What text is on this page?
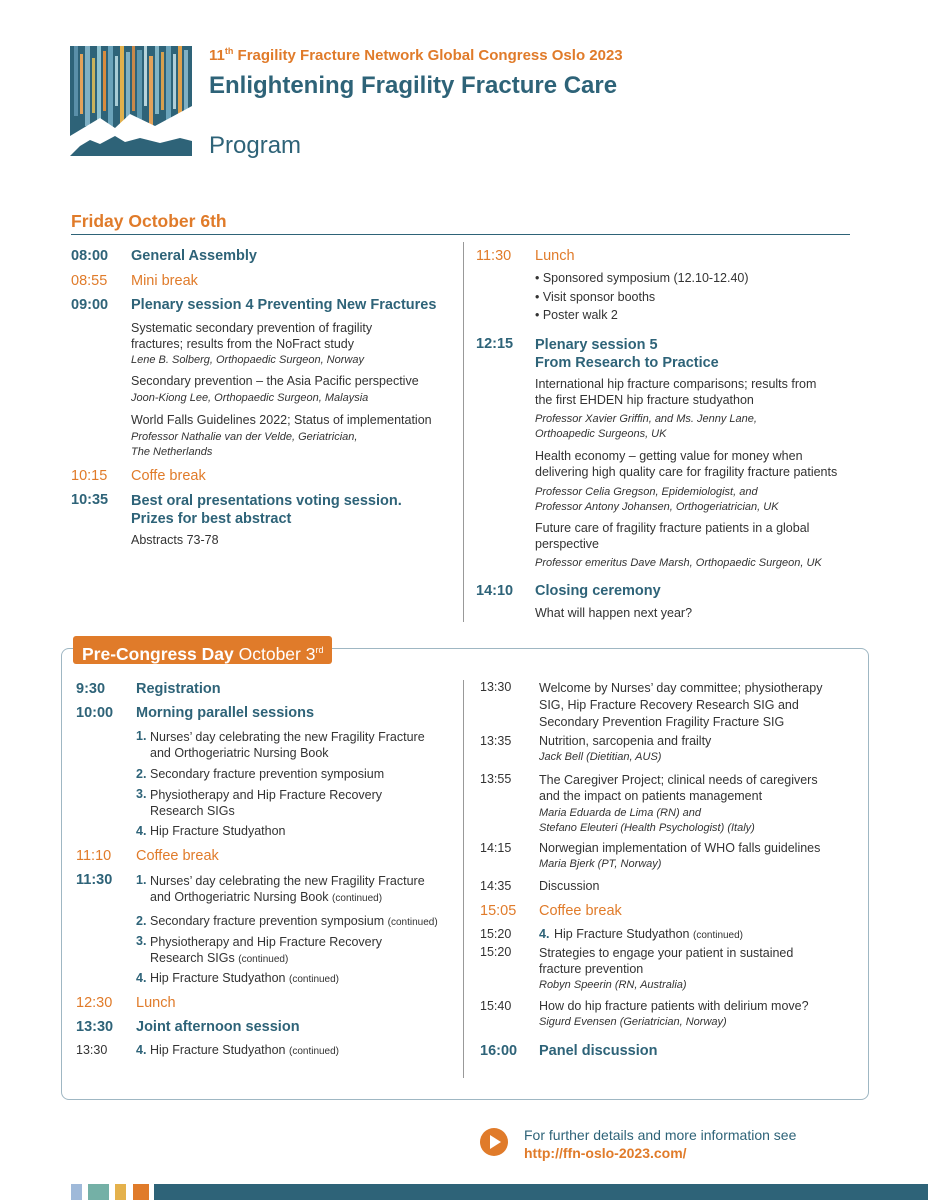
11th Fragility Fracture Network Global Congress Oslo 2023
Enlightening Fragility Fracture Care
Program
Friday October 6th
08:00 General Assembly
08:55 Mini break
09:00 Plenary session 4 Preventing New Fractures
Systematic secondary prevention of fragility
fractures; results from the NoFract study
Lene B. Solberg, Orthopaedic Surgeon, Norway
Secondary prevention – the Asia Pacific perspective
Joon-Kiong Lee, Orthopaedic Surgeon, Malaysia
World Falls Guidelines 2022; Status of implementation
Professor Nathalie van der Velde, Geriatrician,
The Netherlands
10:15 Coffe break
10:35 Best oral presentations voting session.
Prizes for best abstract
Abstracts 73-78
11:30 Lunch
• Sponsored symposium (12.10-12.40)
• Visit sponsor booths
• Poster walk 2
12:15 Plenary session 5
From Research to Practice
International hip fracture comparisons; results from
the first EHDEN hip fracture studyathon
Professor Xavier Griffin, and Ms. Jenny Lane,
Orthoapedic Surgeons, UK
Health economy – getting value for money when
delivering high quality care for fragility fracture patients
Professor Celia Gregson, Epidemiologist, and
Professor Antony Johansen, Orthogeriatrician, UK
Future care of fragility fracture patients in a global
perspective
Professor emeritus Dave Marsh, Orthopaedic Surgeon, UK
14:10 Closing ceremony
What will happen next year?
Pre-Congress Day October 3rd
9:30 Registration
10:00 Morning parallel sessions
1. Nurses’ day celebrating the new Fragility Fracture
and Orthogeriatric Nursing Book
2. Secondary fracture prevention symposium
3. Physiotherapy and Hip Fracture Recovery
Research SIGs
4. Hip Fracture Studyathon
11:10 Coffee break
11:30 1. Nurses’ day celebrating the new Fragility Fracture
and Orthogeriatric Nursing Book (continued)
2. Secondary fracture prevention symposium (continued)
3. Physiotherapy and Hip Fracture Recovery
Research SIGs (continued)
4. Hip Fracture Studyathon (continued)
12:30 Lunch
13:30 Joint afternoon session
13:30 4. Hip Fracture Studyathon (continued)
13:30 Welcome by Nurses’ day committee; physiotherapy
SIG, Hip Fracture Recovery Research SIG and
Secondary Prevention Fragility Fracture SIG
13:35 Nutrition, sarcopenia and frailty
Jack Bell (Dietitian, AUS)
13:55 The Caregiver Project; clinical needs of caregivers
and the impact on patients management
Maria Eduarda de Lima (RN) and
Stefano Eleuteri (Health Psychologist) (Italy)
14:15 Norwegian implementation of WHO falls guidelines
Maria Bjerk (PT, Norway)
14:35 Discussion
15:05 Coffee break
15:20 4. Hip Fracture Studyathon (continued)
15:20 Strategies to engage your patient in sustained
fracture prevention
Robyn Speerin (RN, Australia)
15:40 How do hip fracture patients with delirium move?
Sigurd Evensen (Geriatrician, Norway)
16:00 Panel discussion
For further details and more information see
http://ffn-oslo-2023.com/
